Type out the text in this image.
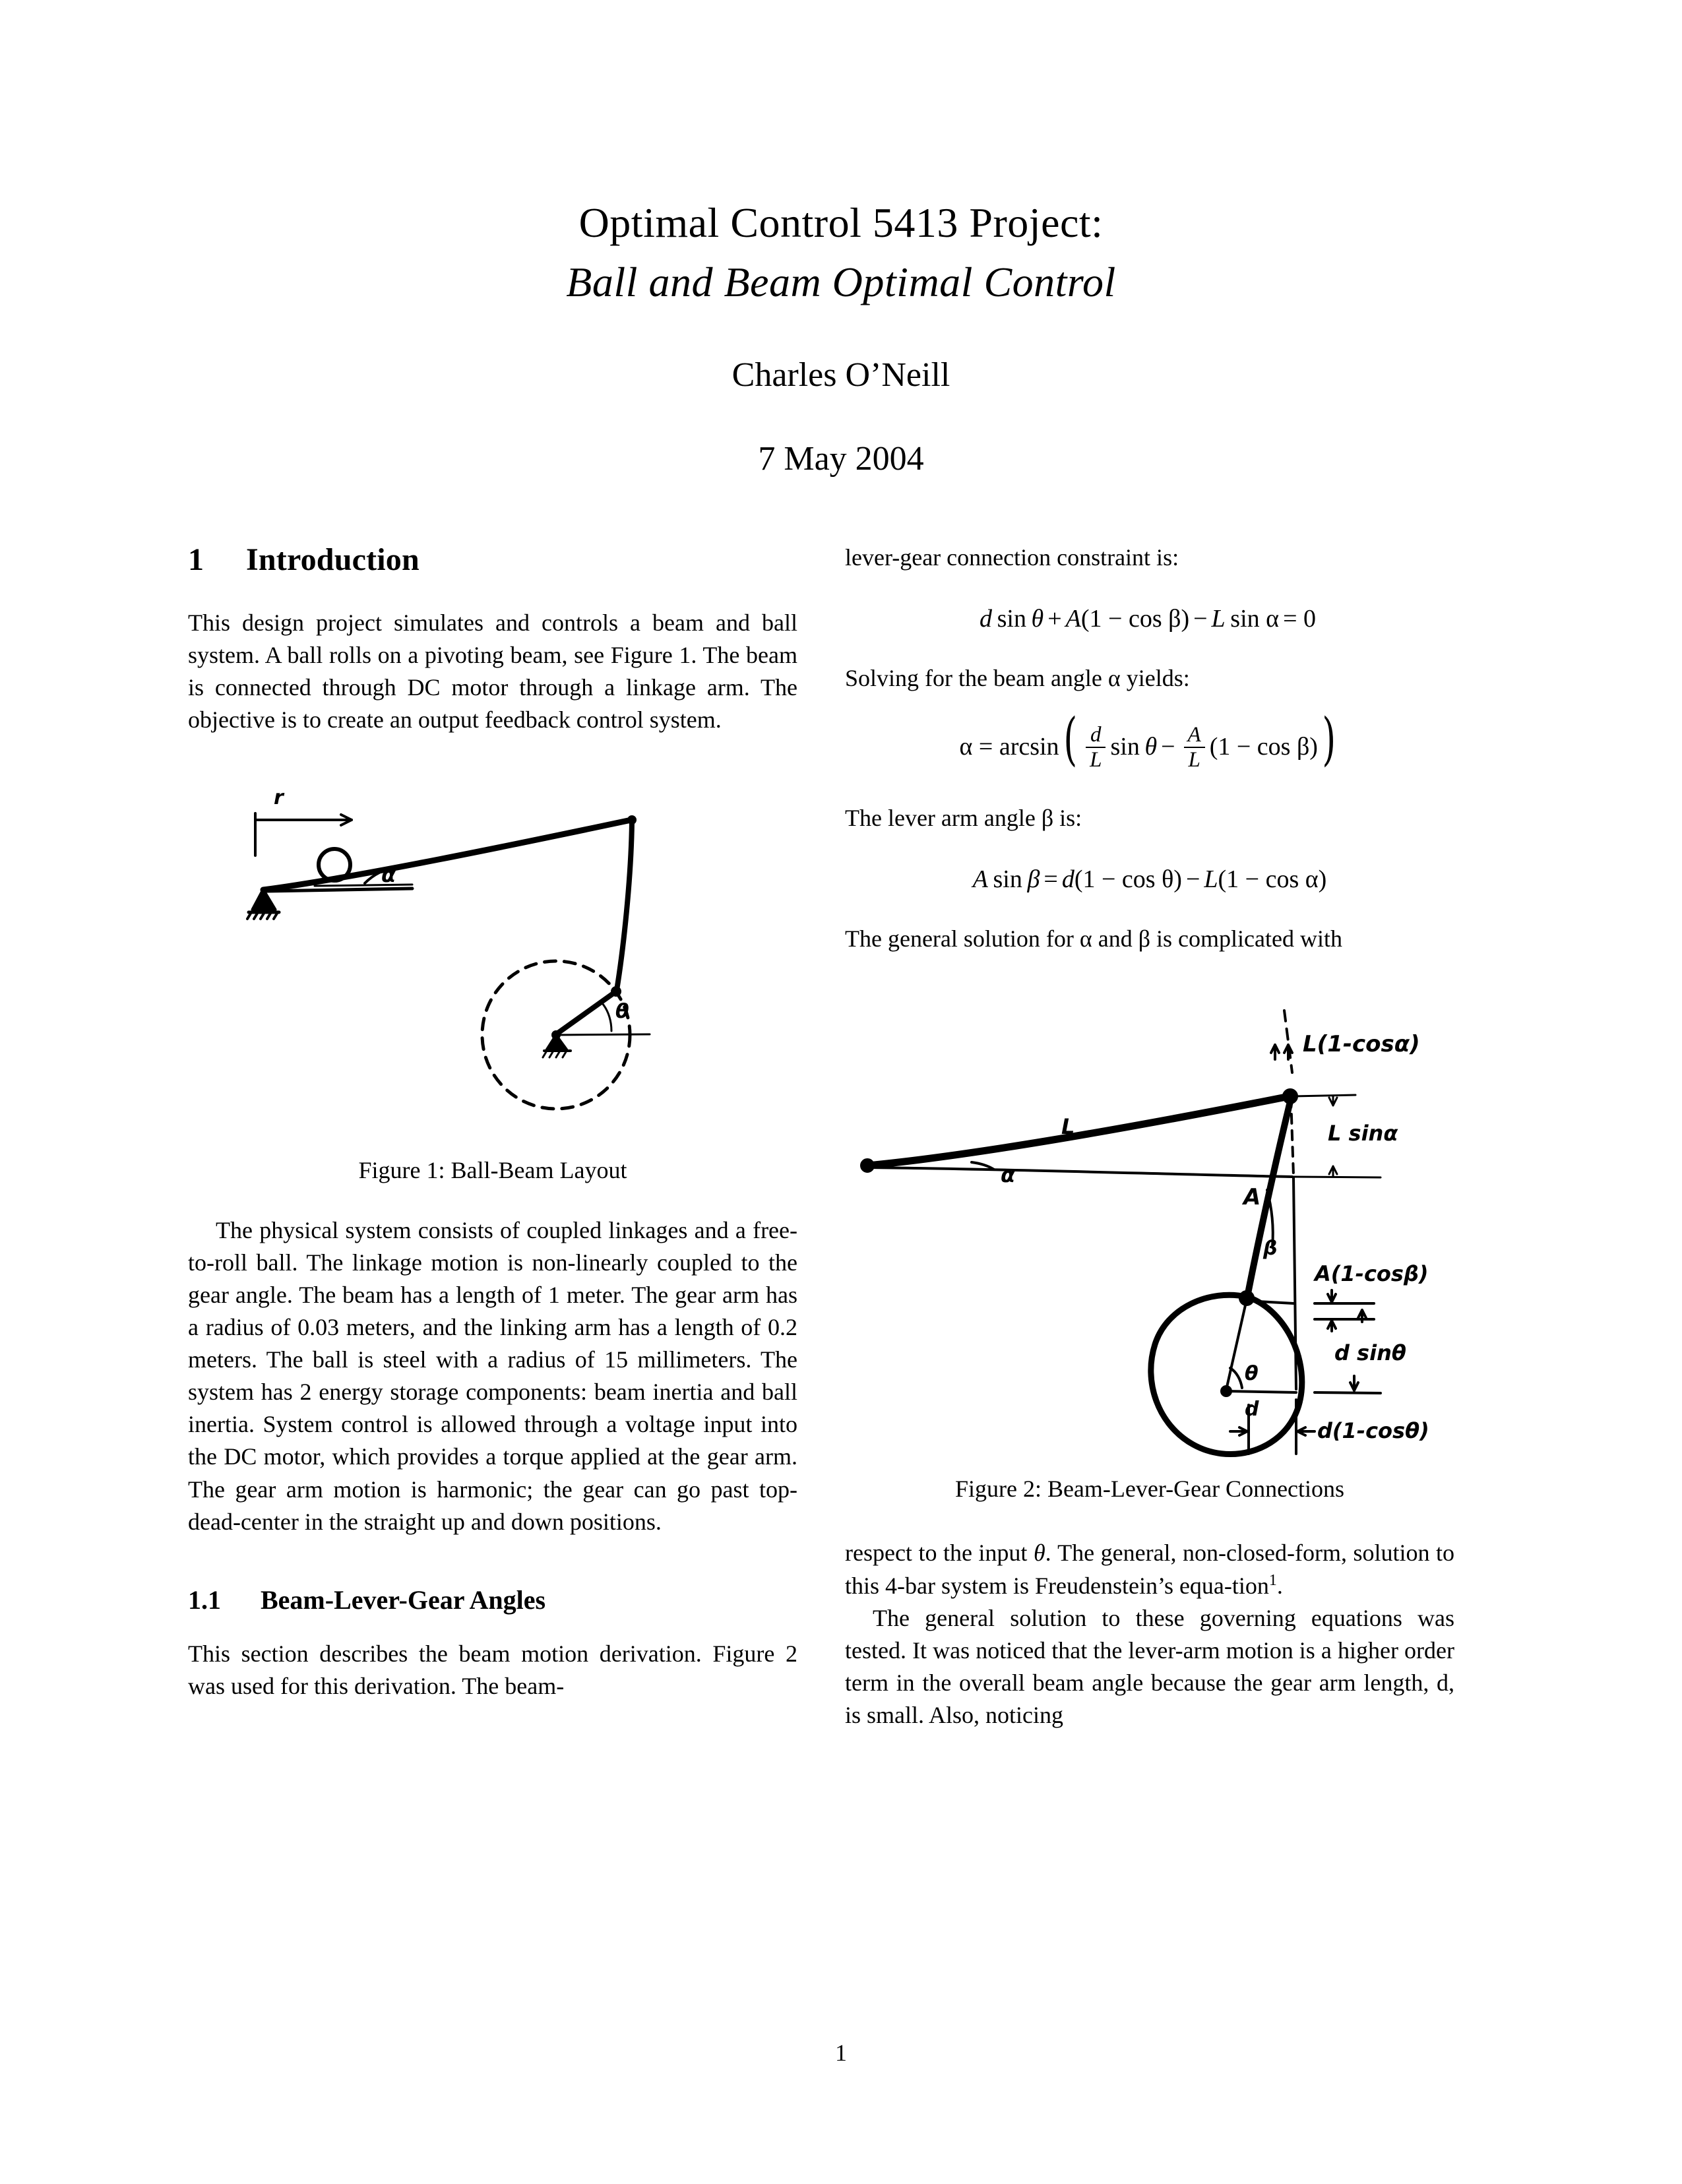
Optimal Control 5413 Project:
Ball and Beam Optimal Control
Charles O’Neill
7 May 2004
1 Introduction

This design project simulates and controls a beam and ball system. A ball rolls on a pivoting beam, see Figure 1. The beam is connected through DC motor through a linkage arm. The objective is to create an output feedback control system.

r
α
θ
Figure 1: Ball-Beam Layout

The physical system consists of coupled linkages and a free-to-roll ball. The linkage motion is non-linearly coupled to the gear angle. The beam has a length of 1 meter. The gear arm has a radius of 0.03 meters, and the linking arm has a length of 0.2 meters. The ball is steel with a radius of 15 millimeters. The system has 2 energy storage components: beam inertia and ball inertia. System control is allowed through a voltage input into the DC motor, which provides a torque applied at the gear arm. The gear arm motion is harmonic; the gear can go past top-dead-center in the straight up and down positions.

1.1 Beam-Lever-Gear Angles

This section describes the beam motion derivation. Figure 2 was used for this derivation. The beam-

lever-gear connection constraint is:

d  sin θ + A(1 − cos β) − L  sin α = 0

Solving for the beam angle α yields:

$\alpha = \arcsin( \frac{d}{L}$ $\sin \theta - \frac{A}{L} (1 - \cos \beta)$)

The lever arm angle β is:

A  sin β = d(1 − cos θ) − L(1 − cos α)

The general solution for α and β is complicated with

L(1-cosα)
L
α
L sinα
A
β
A(1-cosβ)
d sinθ
θ
d
d(1-cosθ)
Figure 2: Beam-Lever-Gear Connections

respect to the input θ. The general, non-closed-form, solution to this 4-bar system is Freudenstein’s equa-tion$^1$.

The general solution to these governing equations was tested. It was noticed that the lever-arm motion is a higher order term in the overall beam angle because the gear arm length, d, is small. Also, noticing

1
